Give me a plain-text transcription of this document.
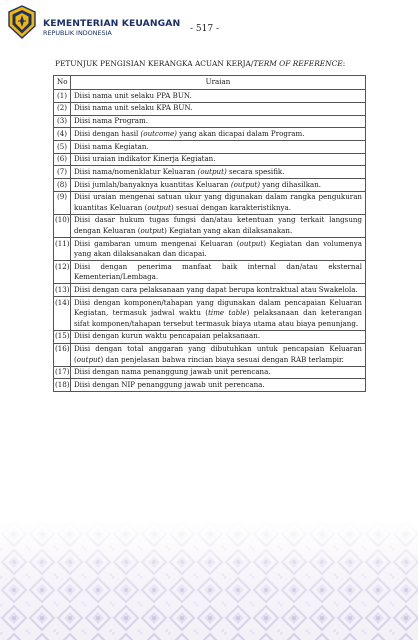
KEMENTERIAN KEUANGAN
REPUBLIK INDONESIA	- 517 -
PETUNJUK PENGISIAN KERANGKA ACUAN KERJA/TERM OF REFERENCE:
No	Uraian
(1)	Diisi nama unit selaku PPA BUN.
(2)	Diisi nama unit selaku KPA BUN.
(3)	Diisi nama Program.
(4)	Diisi dengan hasil (outcome) yang akan dicapai dalam Program.
(5)	Diisi nama Kegiatan.
(6)	Diisi uraian indikator Kinerja Kegiatan.
(7)	Diisi nama/nomenklatur Keluaran (output) secara spesifik.
(8)	Diisi jumlah/banyaknya kuantitas Keluaran (output) yang dihasilkan.
(9)	Diisi uraian mengenai satuan ukur yang digunakan dalam rangka pengukuran kuantitas Keluaran (output) sesuai dengan karakteristiknya.
(10)	Diisi dasar hukum tugas fungsi dan/atau ketentuan yang terkait langsung dengan Keluaran (output) Kegiatan yang akan dilaksanakan.
(11)	Diisi gambaran umum mengenai Keluaran (output) Kegiatan dan volumenya yang akan dilaksanakan dan dicapai.
(12)	Diisi dengan penerima manfaat baik internal dan/atau eksternal Kementerian/Lembaga.
(13)	Diisi dengan cara pelaksanaan yang dapat berupa kontraktual atau Swakelola.
(14)	Diisi dengan komponen/tahapan yang digunakan dalam pencapaian Keluaran Kegiatan, termasuk jadwal waktu (time table) pelaksanaan dan keterangan sifat komponen/tahapan tersebut termasuk biaya utama atau biaya penunjang.
(15)	Diisi dengan kurun waktu pencapaian pelaksanaan.
(16)	Diisi dengan total anggaran yang dibutuhkan untuk pencapaian Keluaran (output) dan penjelasan bahwa rincian biaya sesuai dengan RAB terlampir.
(17)	Diisi dengan nama penanggung jawab unit perencana.
(18)	Diisi dengan NIP penanggung jawab unit perencana.
